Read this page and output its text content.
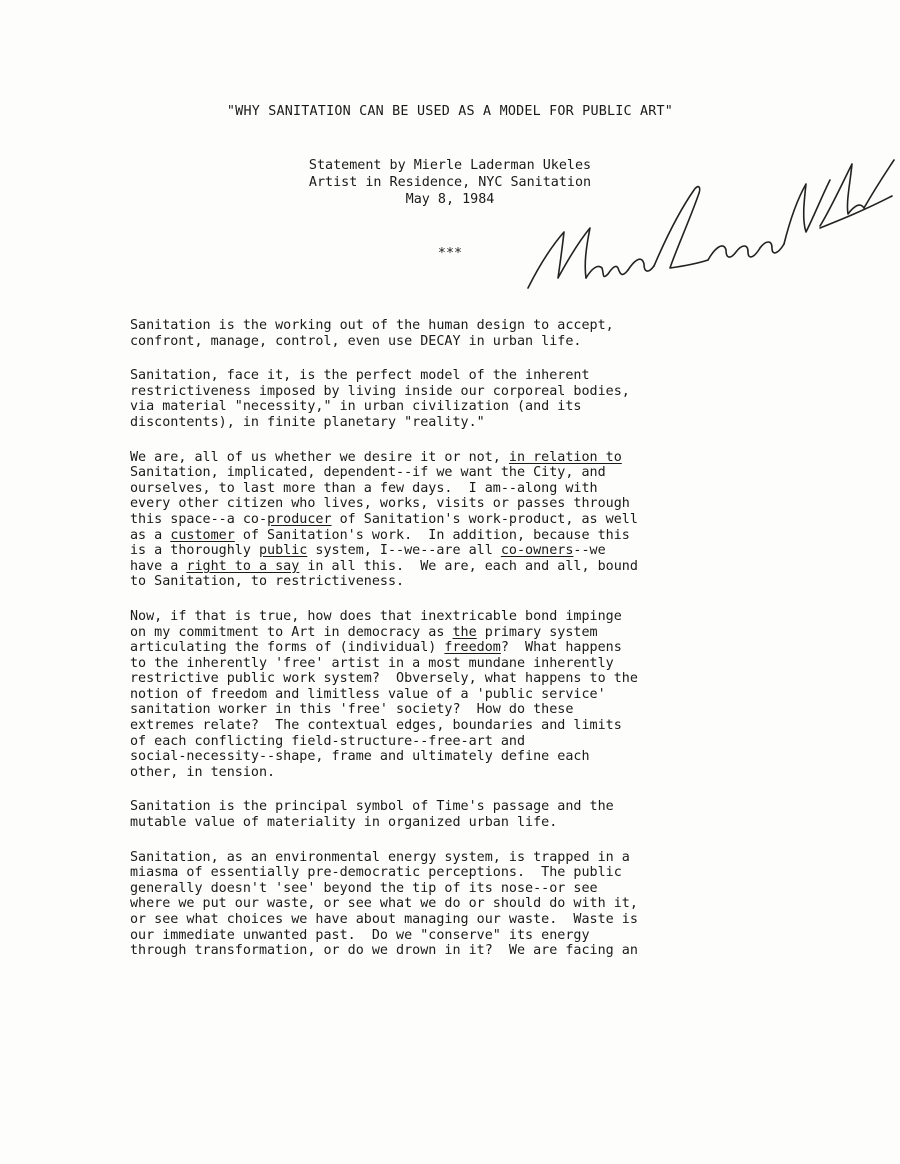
"WHY SANITATION CAN BE USED AS A MODEL FOR PUBLIC ART"
Statement by Mierle Laderman Ukeles
Artist in Residence, NYC Sanitation
May 8, 1984
***
Sanitation is the working out of the human design to accept,
confront, manage, control, even use DECAY in urban life.
Sanitation, face it, is the perfect model of the inherent
restrictiveness imposed by living inside our corporeal bodies,
via material "necessity," in urban civilization (and its
discontents), in finite planetary "reality."
We are, all of us whether we desire it or not, in relation to
Sanitation, implicated, dependent--if we want the City, and
ourselves, to last more than a few days.  I am--along with
every other citizen who lives, works, visits or passes through
this space--a co-producer of Sanitation's work-product, as well
as a customer of Sanitation's work.  In addition, because this
is a thoroughly public system, I--we--are all co-owners--we
have a right to a say in all this.  We are, each and all, bound
to Sanitation, to restrictiveness.
Now, if that is true, how does that inextricable bond impinge
on my commitment to Art in democracy as the primary system
articulating the forms of (individual) freedom?  What happens
to the inherently 'free' artist in a most mundane inherently
restrictive public work system?  Obversely, what happens to the
notion of freedom and limitless value of a 'public service'
sanitation worker in this 'free' society?  How do these
extremes relate?  The contextual edges, boundaries and limits
of each conflicting field-structure--free-art and
social-necessity--shape, frame and ultimately define each
other, in tension.
Sanitation is the principal symbol of Time's passage and the
mutable value of materiality in organized urban life.
Sanitation, as an environmental energy system, is trapped in a
miasma of essentially pre-democratic perceptions.  The public
generally doesn't 'see' beyond the tip of its nose--or see
where we put our waste, or see what we do or should do with it,
or see what choices we have about managing our waste.  Waste is
our immediate unwanted past.  Do we "conserve" its energy
through transformation, or do we drown in it?  We are facing an
